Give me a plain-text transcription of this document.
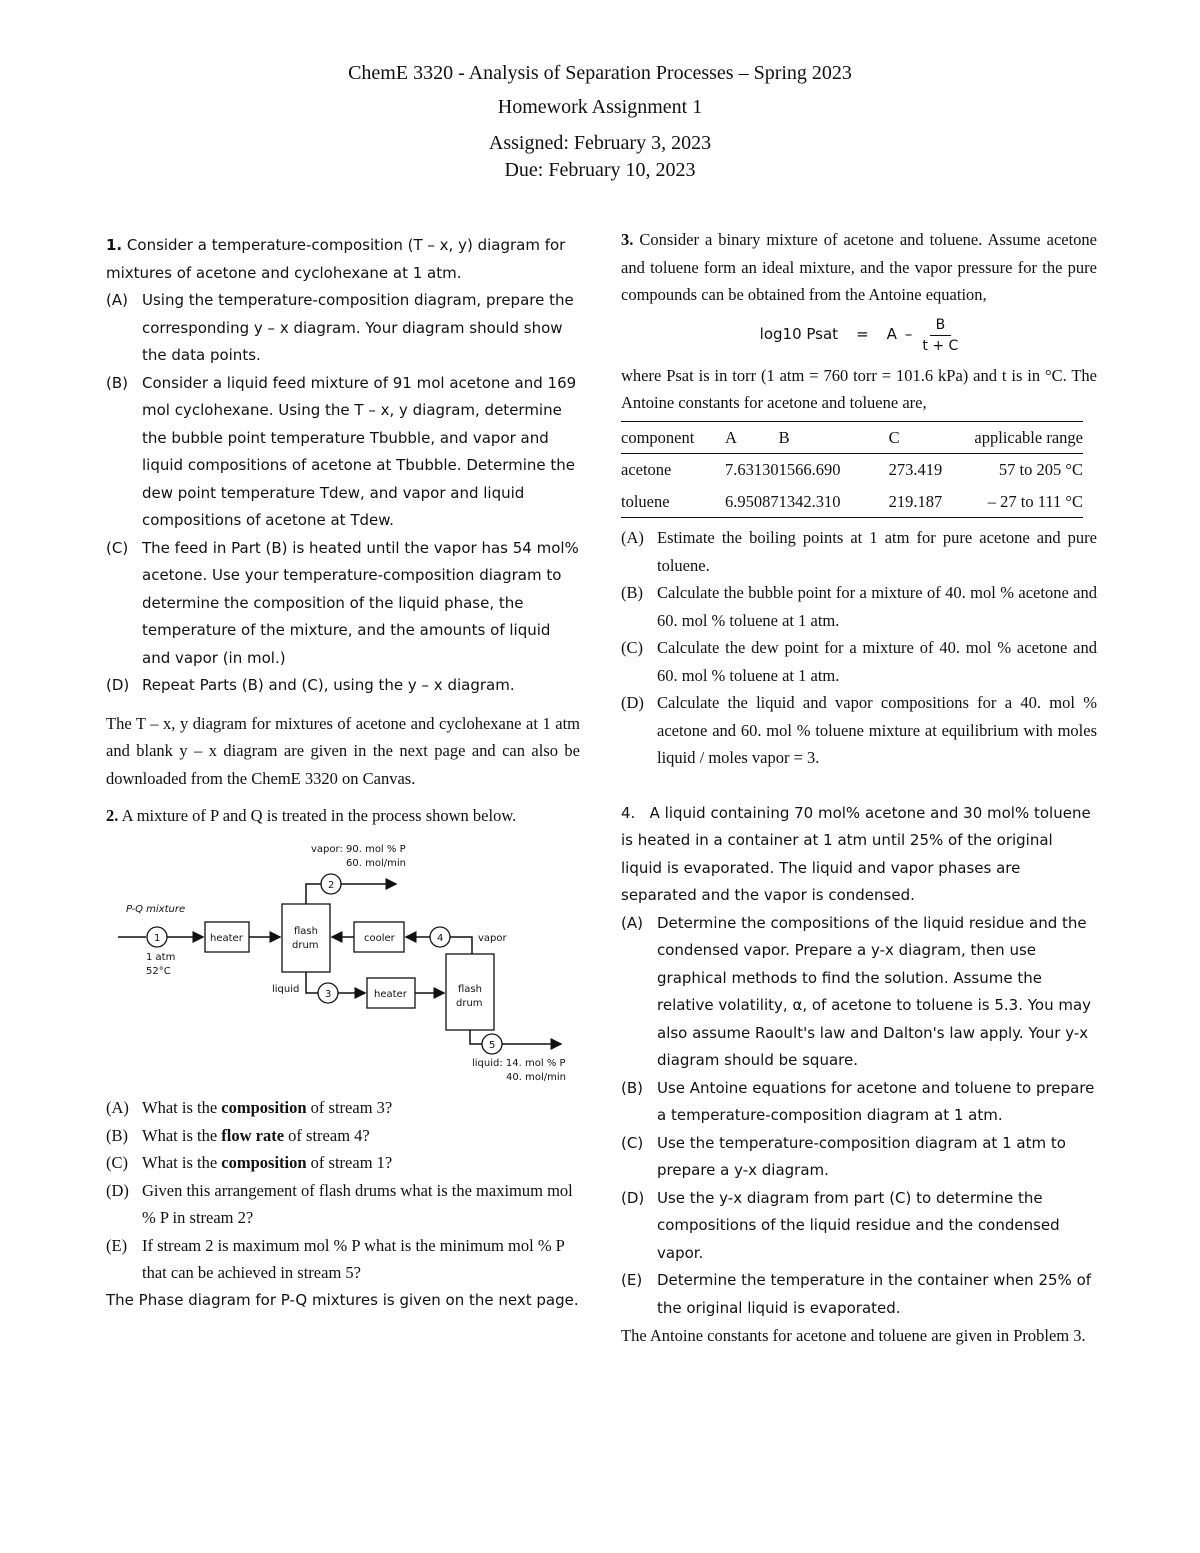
ChemE 3320 - Analysis of Separation Processes – Spring 2023
Homework Assignment 1
Assigned: February 3, 2023
Due: February 10, 2023

1. Consider a temperature-composition (T – x, y) diagram for mixtures of acetone and cyclohexane at 1 atm.

(A) Using the temperature-composition diagram, prepare the corresponding y – x diagram. Your diagram should show the data points.
(B) Consider a liquid feed mixture of 91 mol acetone and 169 mol cyclohexane. Using the T – x, y diagram, determine the bubble point temperature Tbubble, and vapor and liquid compositions of acetone at Tbubble. Determine the dew point temperature Tdew, and vapor and liquid compositions of acetone at Tdew.
(C) The feed in Part (B) is heated until the vapor has 54 mol% acetone. Use your temperature-composition diagram to determine the composition of the liquid phase, the temperature of the mixture, and the amounts of liquid and vapor (in mol.)
(D) Repeat Parts (B) and (C), using the y – x diagram.

The T – x, y diagram for mixtures of acetone and cyclohexane at 1 atm and blank y – x diagram are given in the next page and can also be downloaded from the ChemE 3320 on Canvas.

2. A mixture of P and Q is treated in the process shown below.

vapor: 90. mol % P
60. mol/min
P-Q mixture
1
1 atm
52°C
heater
flash
drum
2
cooler	4	vapor
liquid	3	heater	flash
drum
5
liquid: 14. mol % P
40. mol/min
(A) What is the composition of stream 3?
(B) What is the flow rate of stream 4?
(C) What is the composition of stream 1?
(D) Given this arrangement of flash drums what is the maximum mol % P in stream 2?
(E) If stream 2 is maximum mol % P what is the minimum mol % P that can be achieved in stream 5?

The Phase diagram for P-Q mixtures is given on the next page.

3. Consider a binary mixture of acetone and toluene. Assume acetone and toluene form an ideal mixture, and the vapor pressure for the pure compounds can be obtained from the Antoine equation,

log10 Psat = A – $\frac{B}{t + C}$

where Psat is in torr (1 atm = 760 torr = 101.6 kPa) and t is in °C. The Antoine constants for acetone and toluene are,

component	A	B	C	applicable range
acetone	7.63130	1566.690	273.419	57 to 205 °C
toluene	6.95087	1342.310	219.187	– 27 to 111 °C
(A) Estimate the boiling points at 1 atm for pure acetone and pure toluene.
(B) Calculate the bubble point for a mixture of 40. mol % acetone and 60. mol % toluene at 1 atm.
(C) Calculate the dew point for a mixture of 40. mol % acetone and 60. mol % toluene at 1 atm.
(D) Calculate the liquid and vapor compositions for a 40. mol % acetone and 60. mol % toluene mixture at equilibrium with moles liquid / moles vapor = 3.

4. A liquid containing 70 mol% acetone and 30 mol% toluene is heated in a container at 1 atm until 25% of the original liquid is evaporated. The liquid and vapor phases are separated and the vapor is condensed.

(A) Determine the compositions of the liquid residue and the condensed vapor. Prepare a y-x diagram, then use graphical methods to find the solution. Assume the relative volatility, α, of acetone to toluene is 5.3. You may also assume Raoult's law and Dalton's law apply. Your y-x diagram should be square.
(B) Use Antoine equations for acetone and toluene to prepare a temperature-composition diagram at 1 atm.
(C) Use the temperature-composition diagram at 1 atm to prepare a y-x diagram.
(D) Use the y-x diagram from part (C) to determine the compositions of the liquid residue and the condensed vapor.
(E) Determine the temperature in the container when 25% of the original liquid is evaporated.

The Antoine constants for acetone and toluene are given in Problem 3.
